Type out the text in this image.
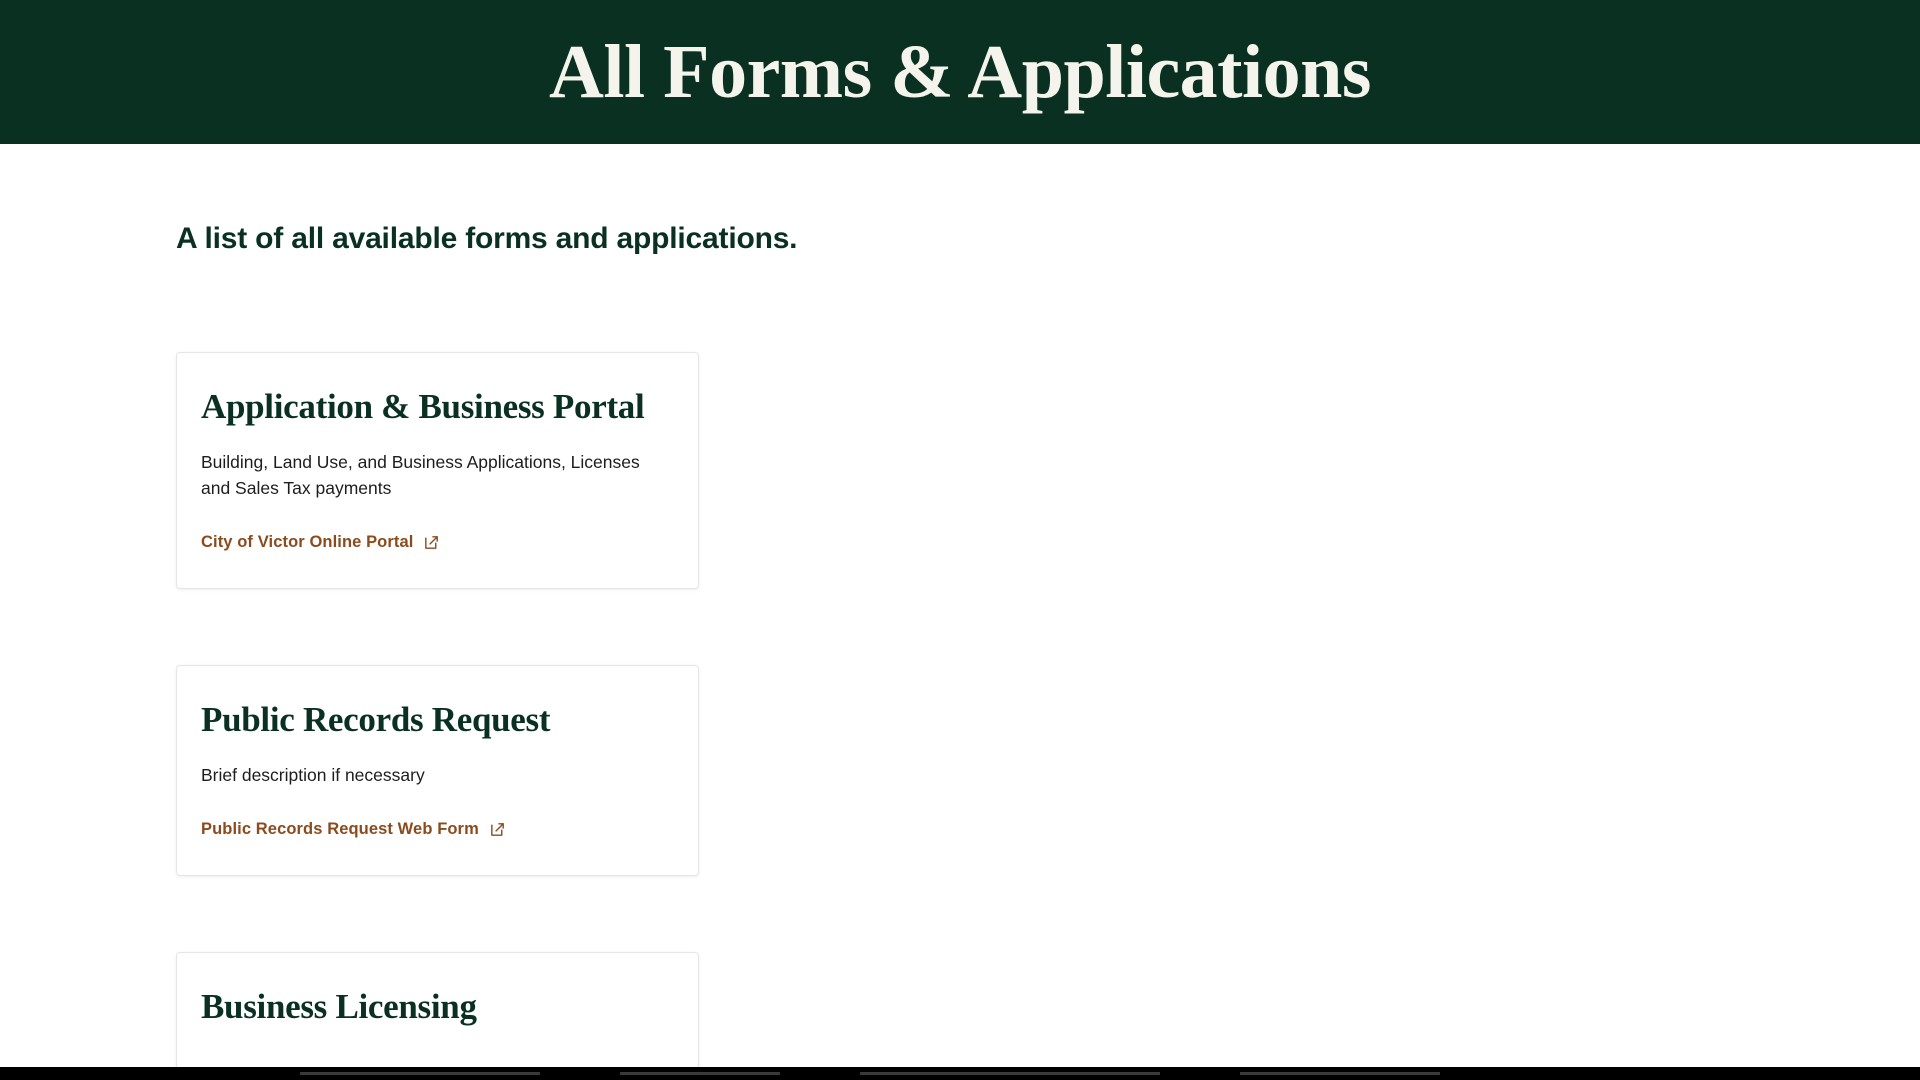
All Forms & Applications
A list of all available forms and applications.
Application & Business Portal
Building, Land Use, and Business Applications, Licenses and Sales Tax payments
City of Victor Online Portal
Public Records Request
Brief description if necessary
Public Records Request Web Form
Business Licensing
